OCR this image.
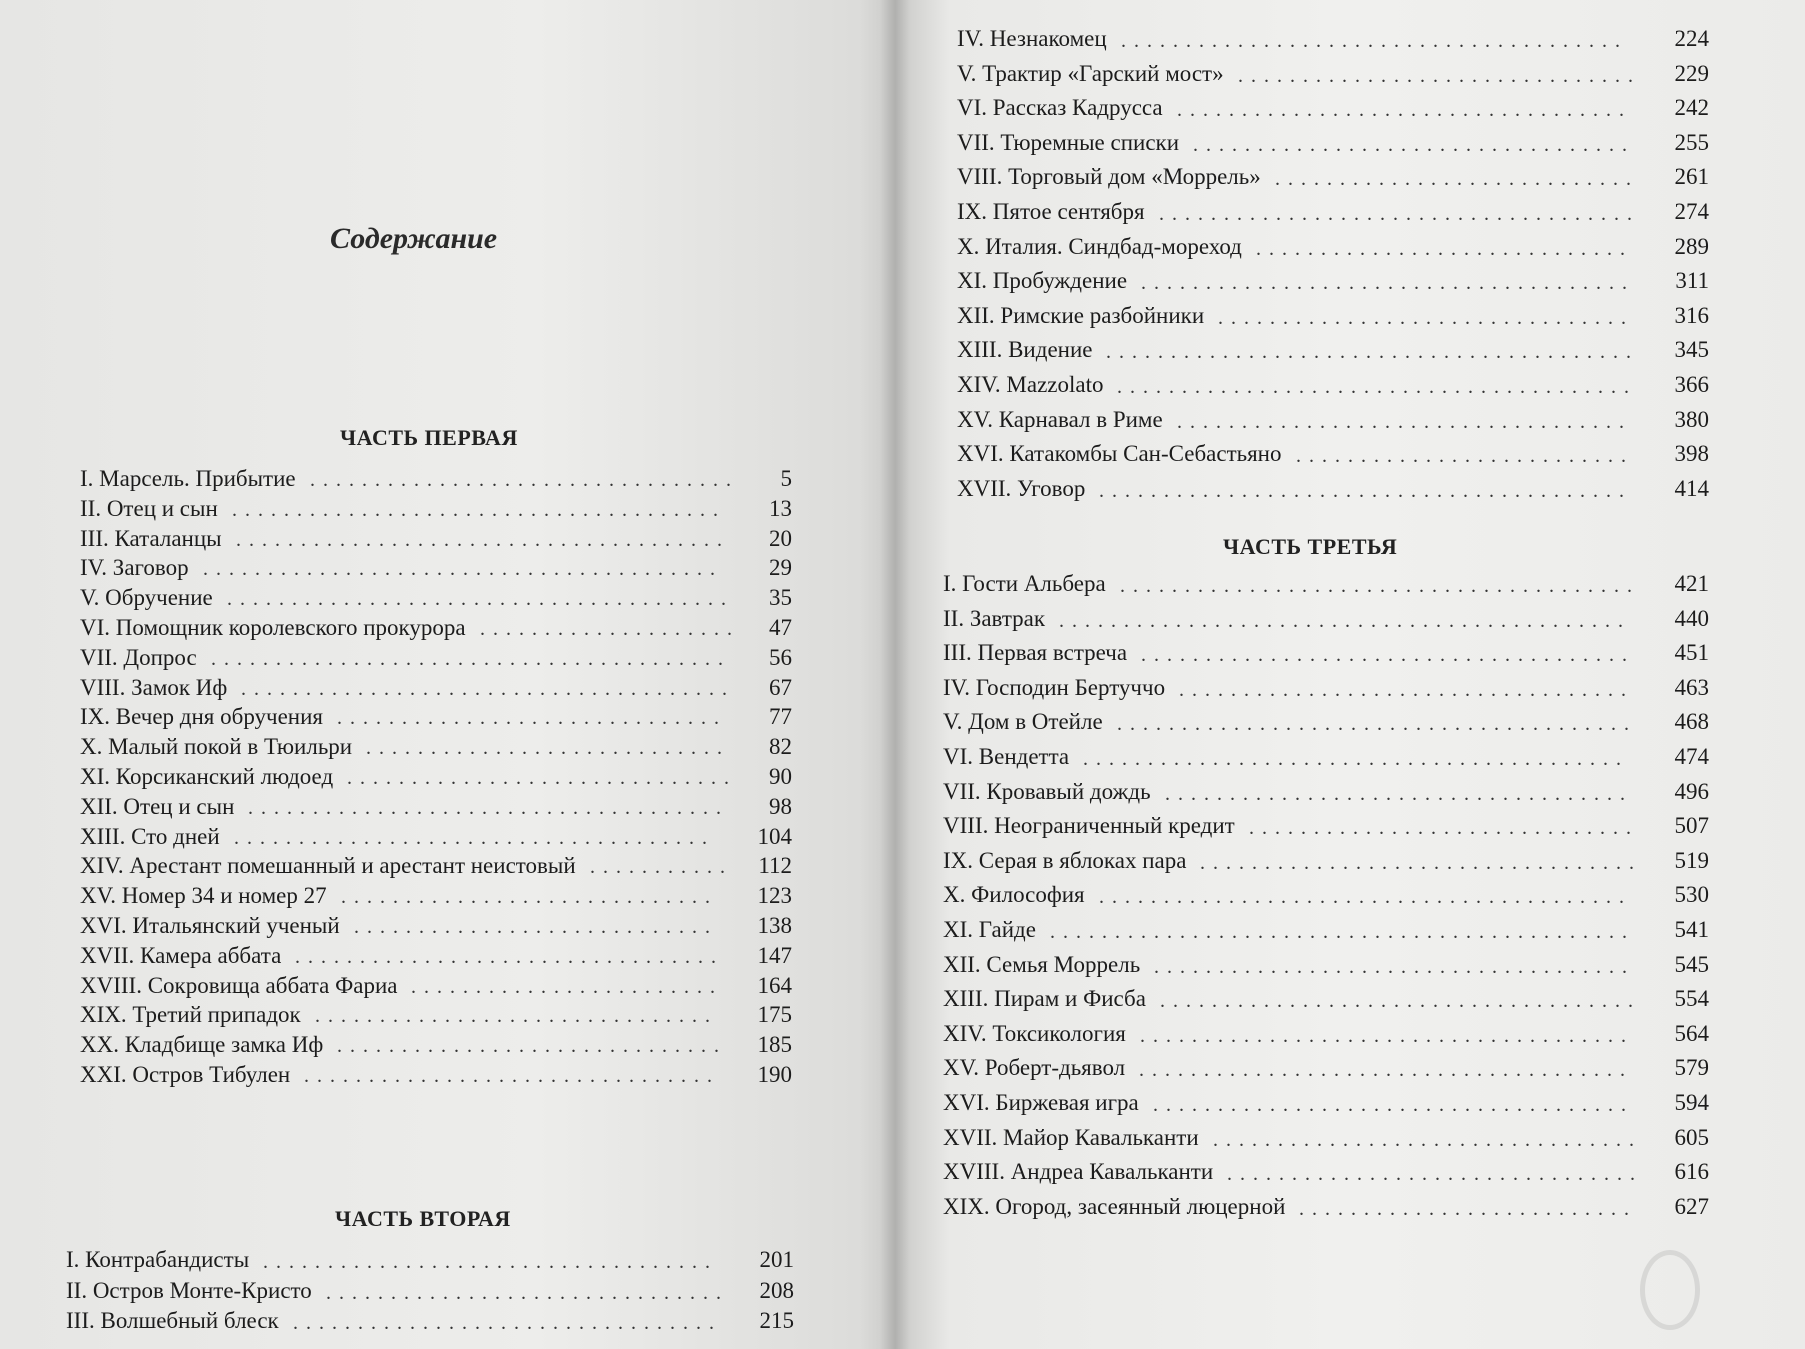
Содержание
ЧАСТЬ ПЕРВАЯ
I. Марсель. Прибытие .................................	5
II. Отец и сын ......................................	13
III. Каталанцы ......................................	20
IV. Заговор ........................................	29
V. Обручение .......................................	35
VI. Помощник королевского прокурора ....................	47
VII. Допрос ........................................	56
VIII. Замок Иф ......................................	67
IX. Вечер дня обручения ..............................	77
X. Малый покой в Тюильри ............................	82
XI. Корсиканский людоед ..............................	90
XII. Отец и сын .....................................	98
XIII. Сто дней .....................................	104
XIV. Арестант помешанный и арестант неистовый ...........	112
XV. Номер 34 и номер 27 .............................	123
XVI. Итальянский ученый ............................	138
XVII. Камера аббата .................................	147
XVIII. Сокровища аббата Фариа ........................	164
XIX. Третий припадок ...............................	175
XX. Кладбище замка Иф ..............................	185
XXI. Остров Тибулен ................................	190
ЧАСТЬ ВТОРАЯ
I. Контрабандисты ...................................	201
II. Остров Монте-Кристо ...............................	208
III. Волшебный блеск .................................	215
IV. Незнакомец .......................................	224
V. Трактир «Гарский мост» ...............................	229
VI. Рассказ Кадрусса ...................................	242
VII. Тюремные списки ..................................	255
VIII. Торговый дом «Моррель» ............................	261
IX. Пятое сентября .....................................	274
X. Италия. Синдбад-мореход .............................	289
XI. Пробуждение ......................................	311
XII. Римские разбойники ................................	316
XIII. Видение .........................................	345
XIV. Mazzolato ........................................	366
XV. Карнавал в Риме ...................................	380
XVI. Катакомбы Сан-Себастьяно ..........................	398
XVII. Уговор .........................................	414
ЧАСТЬ ТРЕТЬЯ
I. Гости Альбера ........................................	421
II. Завтрак ............................................	440
III. Первая встреча ......................................	451
IV. Господин Бертуччо ...................................	463
V. Дом в Отейле ........................................	468
VI. Вендетта ..........................................	474
VII. Кровавый дождь ....................................	496
VIII. Неограниченный кредит ..............................	507
IX. Серая в яблоках пара ..................................	519
X. Философия .........................................	530
XI. Гайде .............................................	541
XII. Семья Моррель .....................................	545
XIII. Пирам и Фисба .....................................	554
XIV. Токсикология ......................................	564
XV. Роберт-дьявол ......................................	579
XVI. Биржевая игра .....................................	594
XVII. Майор Кавальканти .................................	605
XVIII. Андреа Кавальканти ................................	616
XIX. Огород, засеянный люцерной ..........................	627
